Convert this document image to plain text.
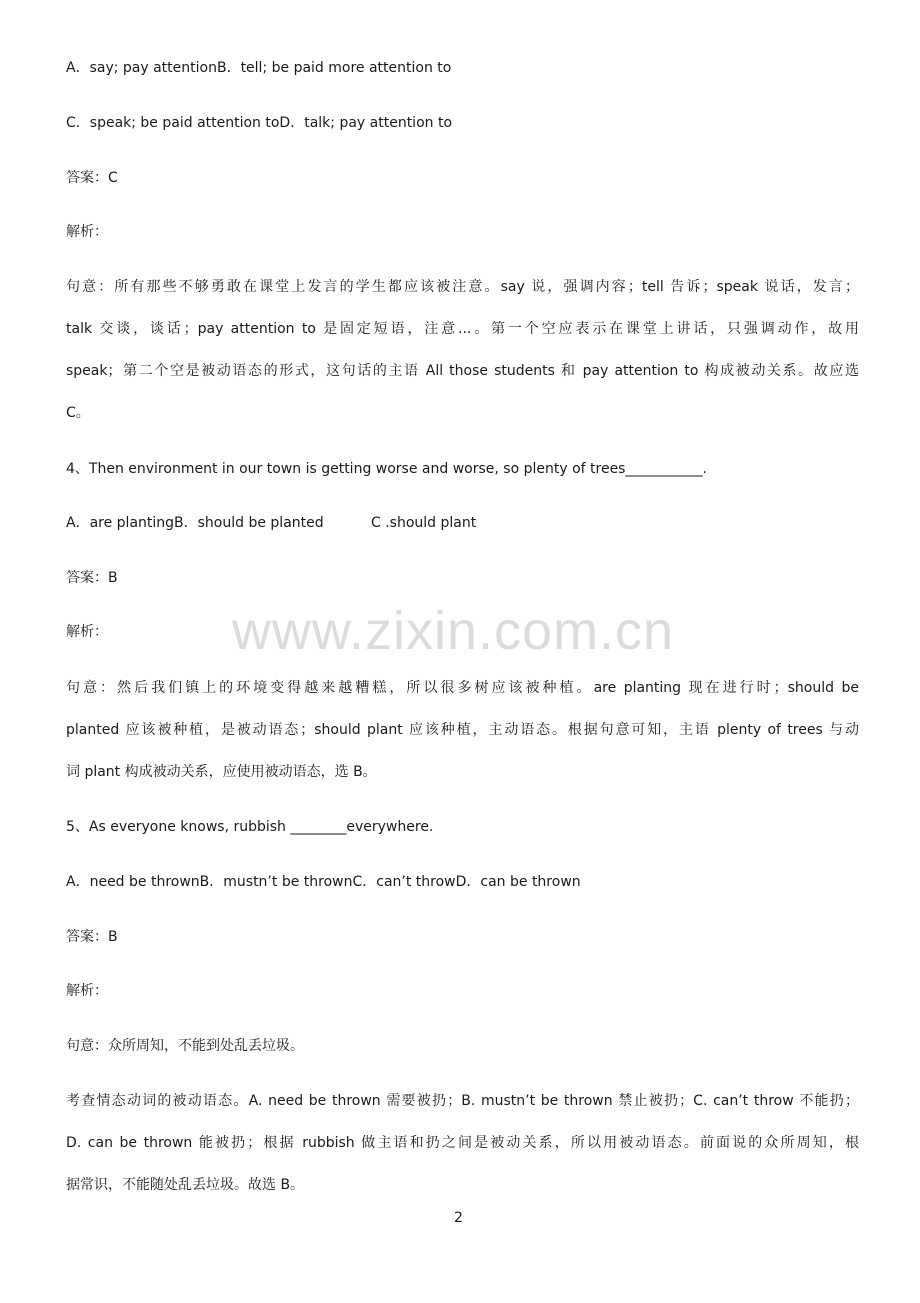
www.zixin.com.cn
A．say; pay attentionB．tell; be paid more attention to
C．speak; be paid attention toD．talk; pay attention to
答案：C
解析：
句意：所有那些不够勇敢在课堂上发言的学生都应该被注意。say 说，强调内容；tell 告诉；speak 说话，发言；
talk 交谈，谈话；pay attention to 是固定短语，注意...。第一个空应表示在课堂上讲话，只强调动作，故用
speak；第二个空是被动语态的形式，这句话的主语 All those students 和 pay attention to 构成被动关系。故应选
C。
4、Then environment in our town is getting worse and worse, so plenty of trees___________.
A．are plantingB．should be planted	C .should plant
答案：B
解析：
句意：然后我们镇上的环境变得越来越糟糕，所以很多树应该被种植。are planting 现在进行时；should be
planted 应该被种植，是被动语态；should plant 应该种植，主动语态。根据句意可知，主语 plenty of trees 与动
词 plant 构成被动关系，应使用被动语态，选 B。
5、As everyone knows, rubbish ________everywhere.
A．need be thrownB．mustn’t be thrownC．can’t throwD．can be thrown
答案：B
解析：
句意：众所周知，不能到处乱丢垃圾。
考查情态动词的被动语态。A. need be thrown 需要被扔；B. mustn’t be thrown 禁止被扔；C. can’t throw 不能扔；
D. can be thrown 能被扔；根据 rubbish 做主语和扔之间是被动关系，所以用被动语态。前面说的众所周知，根
据常识，不能随处乱丢垃圾。故选 B。
2
